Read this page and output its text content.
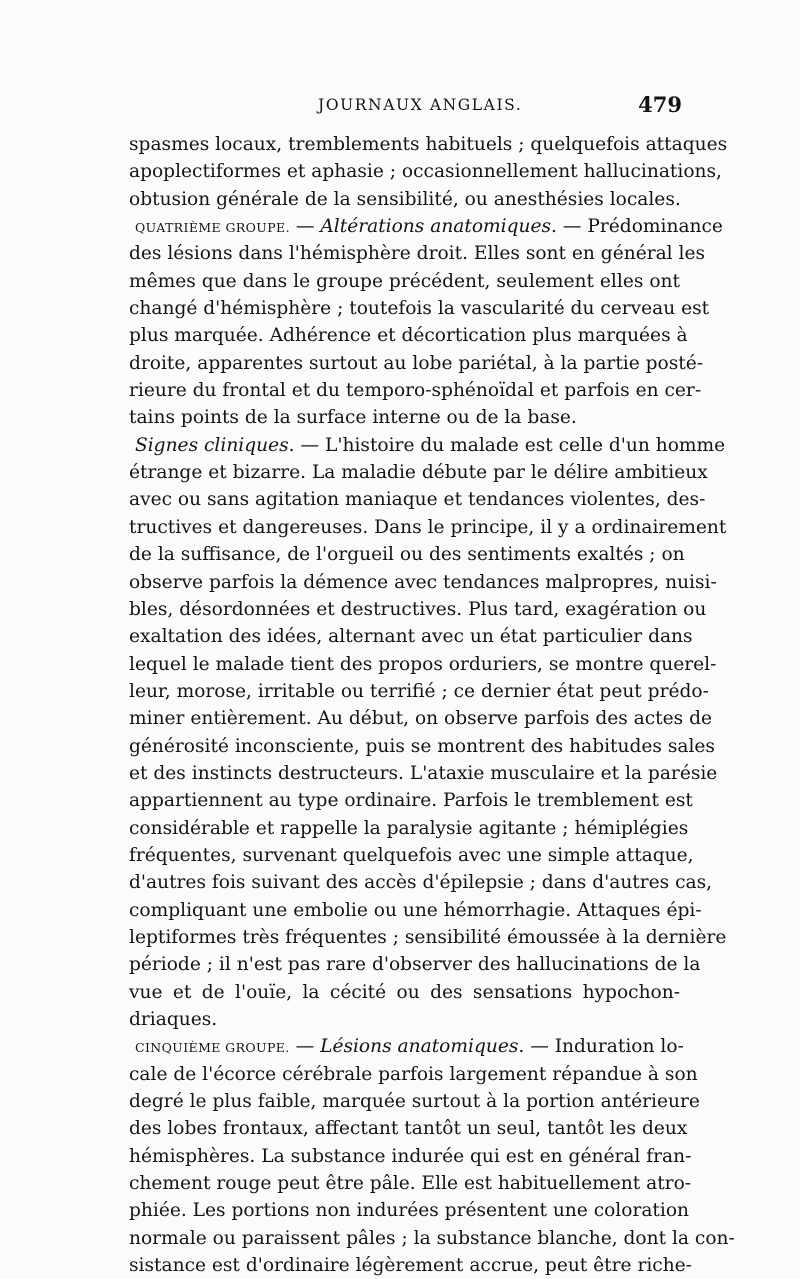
JOURNAUX ANGLAIS.	479
spasmes locaux, tremblements habituels ; quelquefois attaques
apoplectiformes et aphasie ; occasionnellement hallucinations,
obtusion générale de la sensibilité, ou anesthésies locales.
QUATRIÈME GROUPE. — Altérations anatomiques. — Prédominance
des lésions dans l'hémisphère droit. Elles sont en général les
mêmes que dans le groupe précédent, seulement elles ont
changé d'hémisphère ; toutefois la vascularité du cerveau est
plus marquée. Adhérence et décortication plus marquées à
droite, apparentes surtout au lobe pariétal, à la partie posté-
rieure du frontal et du temporo-sphénoïdal et parfois en cer-
tains points de la surface interne ou de la base.
Signes cliniques. — L'histoire du malade est celle d'un homme
étrange et bizarre. La maladie débute par le délire ambitieux
avec ou sans agitation maniaque et tendances violentes, des-
tructives et dangereuses. Dans le principe, il y a ordinairement
de la suffisance, de l'orgueil ou des sentiments exaltés ; on
observe parfois la démence avec tendances malpropres, nuisi-
bles, désordonnées et destructives. Plus tard, exagération ou
exaltation des idées, alternant avec un état particulier dans
lequel le malade tient des propos orduriers, se montre querel-
leur, morose, irritable ou terrifié ; ce dernier état peut prédo-
miner entièrement. Au début, on observe parfois des actes de
générosité inconsciente, puis se montrent des habitudes sales
et des instincts destructeurs. L'ataxie musculaire et la parésie
appartiennent au type ordinaire. Parfois le tremblement est
considérable et rappelle la paralysie agitante ; hémiplégies
fréquentes, survenant quelquefois avec une simple attaque,
d'autres fois suivant des accès d'épilepsie ; dans d'autres cas,
compliquant une embolie ou une hémorrhagie. Attaques épi-
leptiformes très fréquentes ; sensibilité émoussée à la dernière
période ; il n'est pas rare d'observer des hallucinations de la
vue et de l'ouïe, la cécité ou des sensations hypochon-
driaques.
CINQUIÈME GROUPE. — Lésions anatomiques. — Induration lo-
cale de l'écorce cérébrale parfois largement répandue à son
degré le plus faible, marquée surtout à la portion antérieure
des lobes frontaux, affectant tantôt un seul, tantôt les deux
hémisphères. La substance indurée qui est en général fran-
chement rouge peut être pâle. Elle est habituellement atro-
phiée. Les portions non indurées présentent une coloration
normale ou paraissent pâles ; la substance blanche, dont la con-
sistance est d'ordinaire légèrement accrue, peut être riche-
